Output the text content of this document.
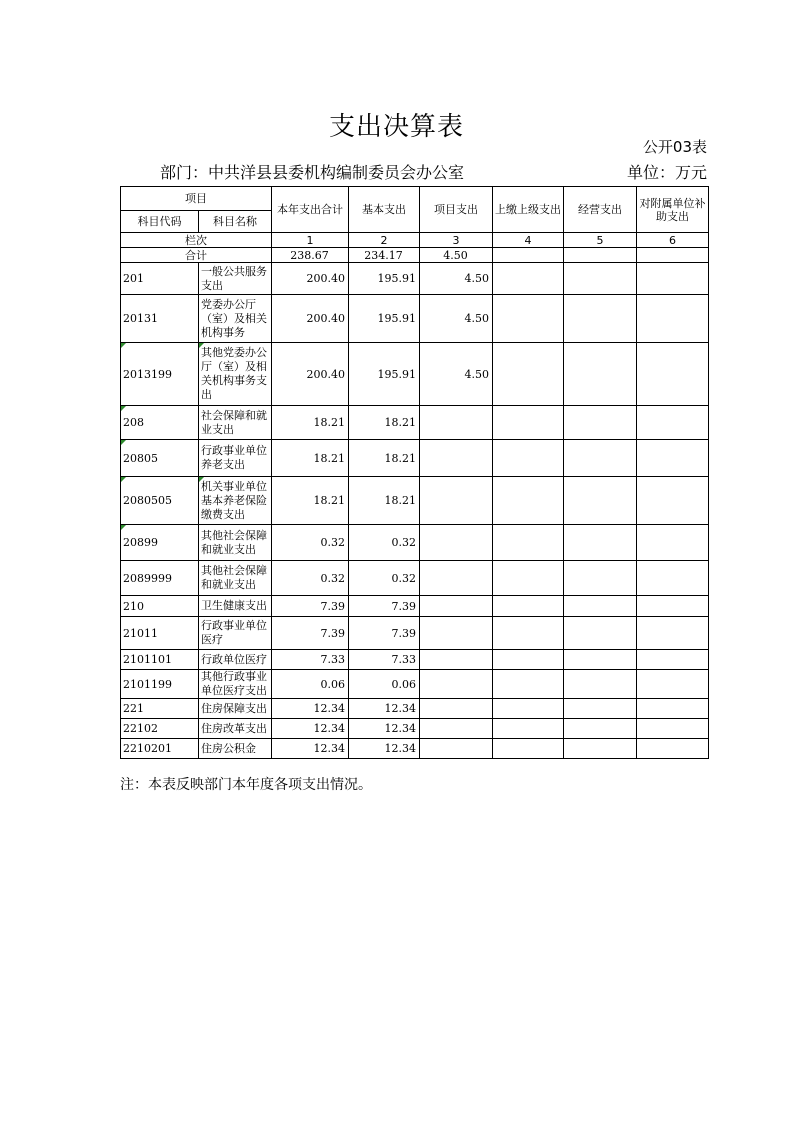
支出决算表
公开03表
部门：中共洋县县委机构编制委员会办公室	单位：万元
项目		本年支出合计	基本支出	项目支出	上缴上级支出	经营支出	对附属单位补助支出
科目代码	科目名称						
栏次		1	2	3	4	5	6
合计		238.67	234.17	4.50			
201	一般公共服务支出	200.40	195.91	4.50			
20131	党委办公厅（室）及相关机构事务	200.40	195.91	4.50			
2013199	其他党委办公厅（室）及相关机构事务支出	200.40	195.91	4.50			
208	社会保障和就业支出	18.21	18.21				
20805	行政事业单位养老支出	18.21	18.21				
2080505	机关事业单位基本养老保险缴费支出	18.21	18.21				
20899	其他社会保障和就业支出	0.32	0.32				
2089999	其他社会保障和就业支出	0.32	0.32				
210	卫生健康支出	7.39	7.39				
21011	行政事业单位医疗	7.39	7.39				
2101101	行政单位医疗	7.33	7.33				
2101199	其他行政事业单位医疗支出	0.06	0.06				
221	住房保障支出	12.34	12.34				
22102	住房改革支出	12.34	12.34				
2210201	住房公积金	12.34	12.34				
注：本表反映部门本年度各项支出情况。
